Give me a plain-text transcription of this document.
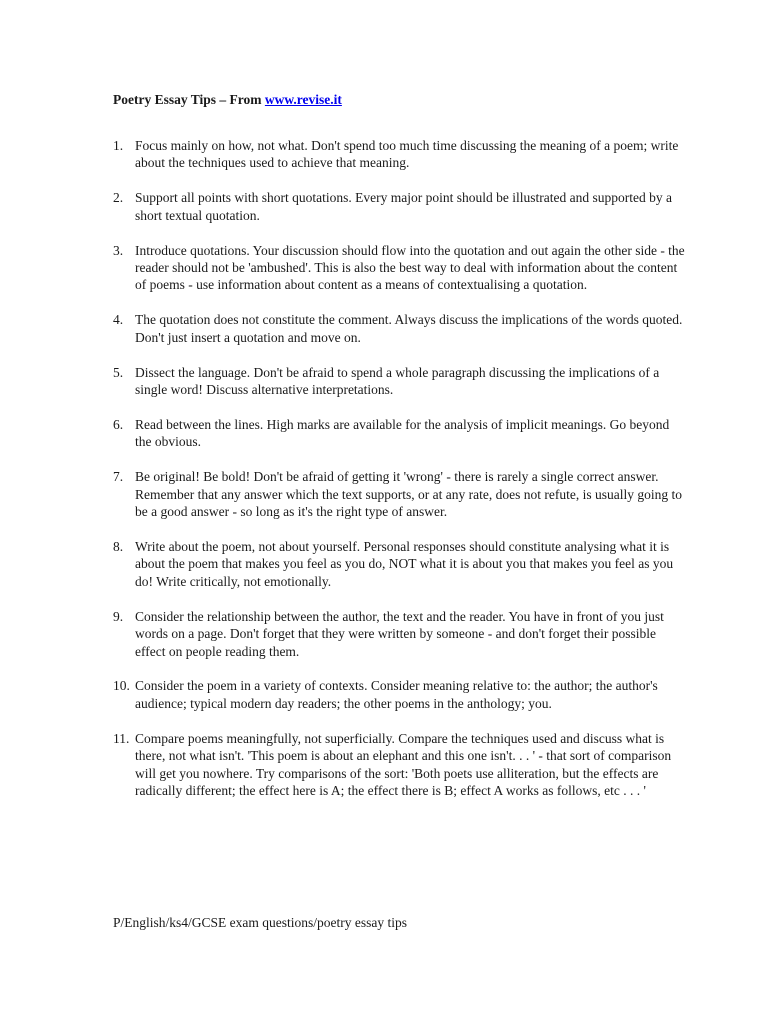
Poetry Essay Tips – From www.revise.it
1. Focus mainly on how, not what. Don't spend too much time discussing the meaning of a poem; write about the techniques used to achieve that meaning.
2. Support all points with short quotations. Every major point should be illustrated and supported by a short textual quotation.
3. Introduce quotations. Your discussion should flow into the quotation and out again the other side - the reader should not be 'ambushed'. This is also the best way to deal with information about the content of poems - use information about content as a means of contextualising a quotation.
4. The quotation does not constitute the comment. Always discuss the implications of the words quoted. Don't just insert a quotation and move on.
5. Dissect the language. Don't be afraid to spend a whole paragraph discussing the implications of a single word! Discuss alternative interpretations.
6. Read between the lines. High marks are available for the analysis of implicit meanings. Go beyond the obvious.
7. Be original! Be bold! Don't be afraid of getting it 'wrong' - there is rarely a single correct answer. Remember that any answer which the text supports, or at any rate, does not refute, is usually going to be a good answer - so long as it's the right type of answer.
8. Write about the poem, not about yourself. Personal responses should constitute analysing what it is about the poem that makes you feel as you do, NOT what it is about you that makes you feel as you do! Write critically, not emotionally.
9. Consider the relationship between the author, the text and the reader. You have in front of you just words on a page. Don't forget that they were written by someone - and don't forget their possible effect on people reading them.
10. Consider the poem in a variety of contexts. Consider meaning relative to: the author; the author's audience; typical modern day readers; the other poems in the anthology; you.
11. Compare poems meaningfully, not superficially. Compare the techniques used and discuss what is there, not what isn't. 'This poem is about an elephant and this one isn't. . . ' - that sort of comparison will get you nowhere. Try comparisons of the sort: 'Both poets use alliteration, but the effects are radically different; the effect here is A; the effect there is B; effect A works as follows, etc . . . '
P/English/ks4/GCSE exam questions/poetry essay tips
